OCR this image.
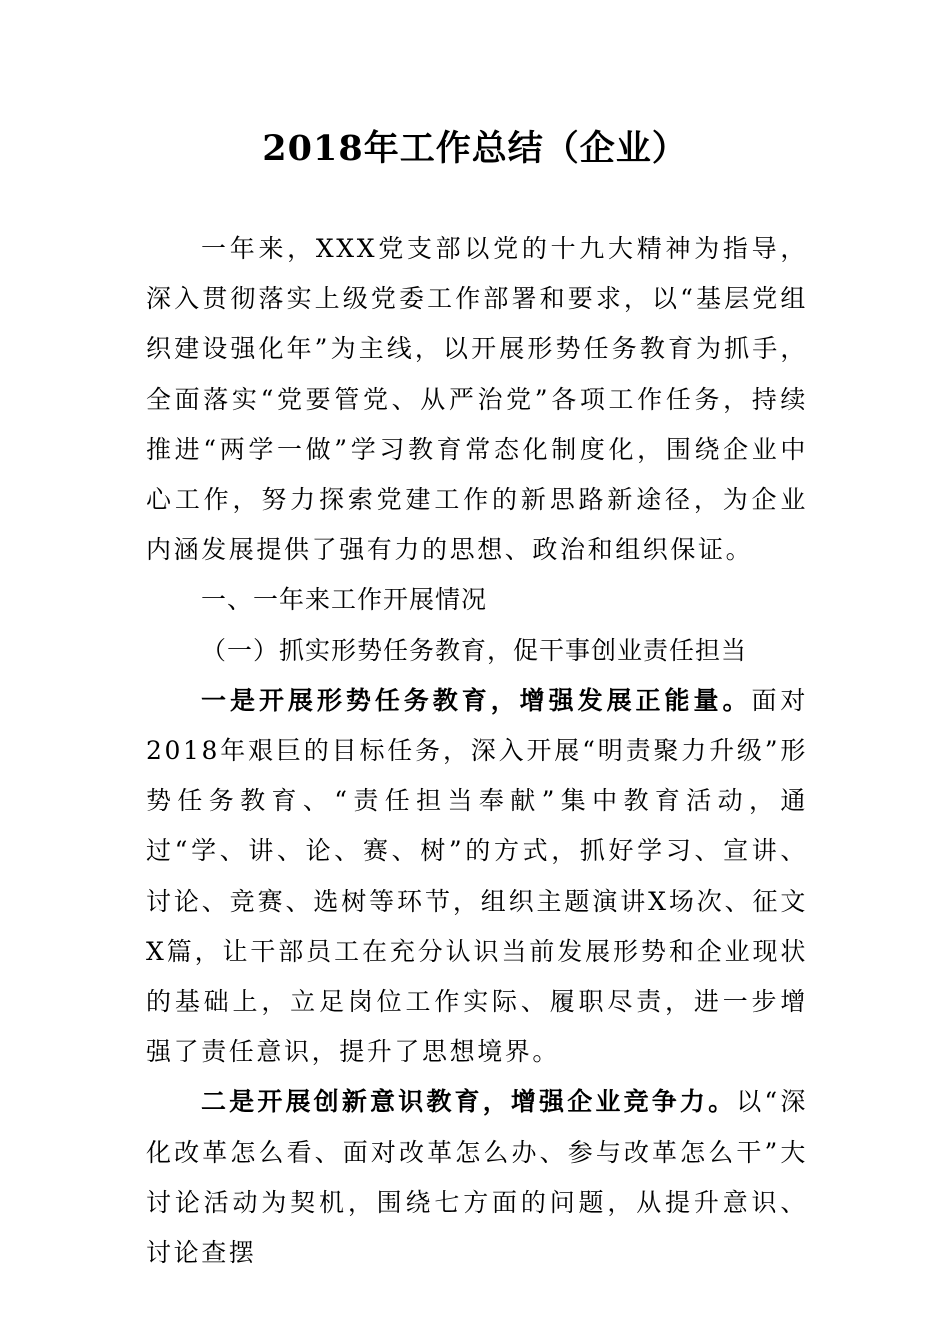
2018年工作总结（企业）

一年来，XXX党支部以党的十九大精神为指导，深入贯彻落实上级党委工作部署和要求，以“基层党组织建设强化年”为主线，以开展形势任务教育为抓手，全面落实“党要管党、从严治党”各项工作任务，持续推进“两学一做”学习教育常态化制度化，围绕企业中心工作，努力探索党建工作的新思路新途径，为企业内涵发展提供了强有力的思想、政治和组织保证。

一、一年来工作开展情况

（一）抓实形势任务教育，促干事创业责任担当

一是开展形势任务教育，增强发展正能量。面对2018年艰巨的目标任务，深入开展“明责聚力升级”形势任务教育、“责任担当奉献”集中教育活动，通过“学、讲、论、赛、树”的方式，抓好学习、宣讲、讨论、竞赛、选树等环节，组织主题演讲X场次、征文X篇，让干部员工在充分认识当前发展形势和企业现状的基础上，立足岗位工作实际、履职尽责，进一步增强了责任意识，提升了思想境界。

二是开展创新意识教育，增强企业竞争力。以“深化改革怎么看、面对改革怎么办、参与改革怎么干”大讨论活动为契机，围绕七方面的问题，从提升意识、讨论查摆
